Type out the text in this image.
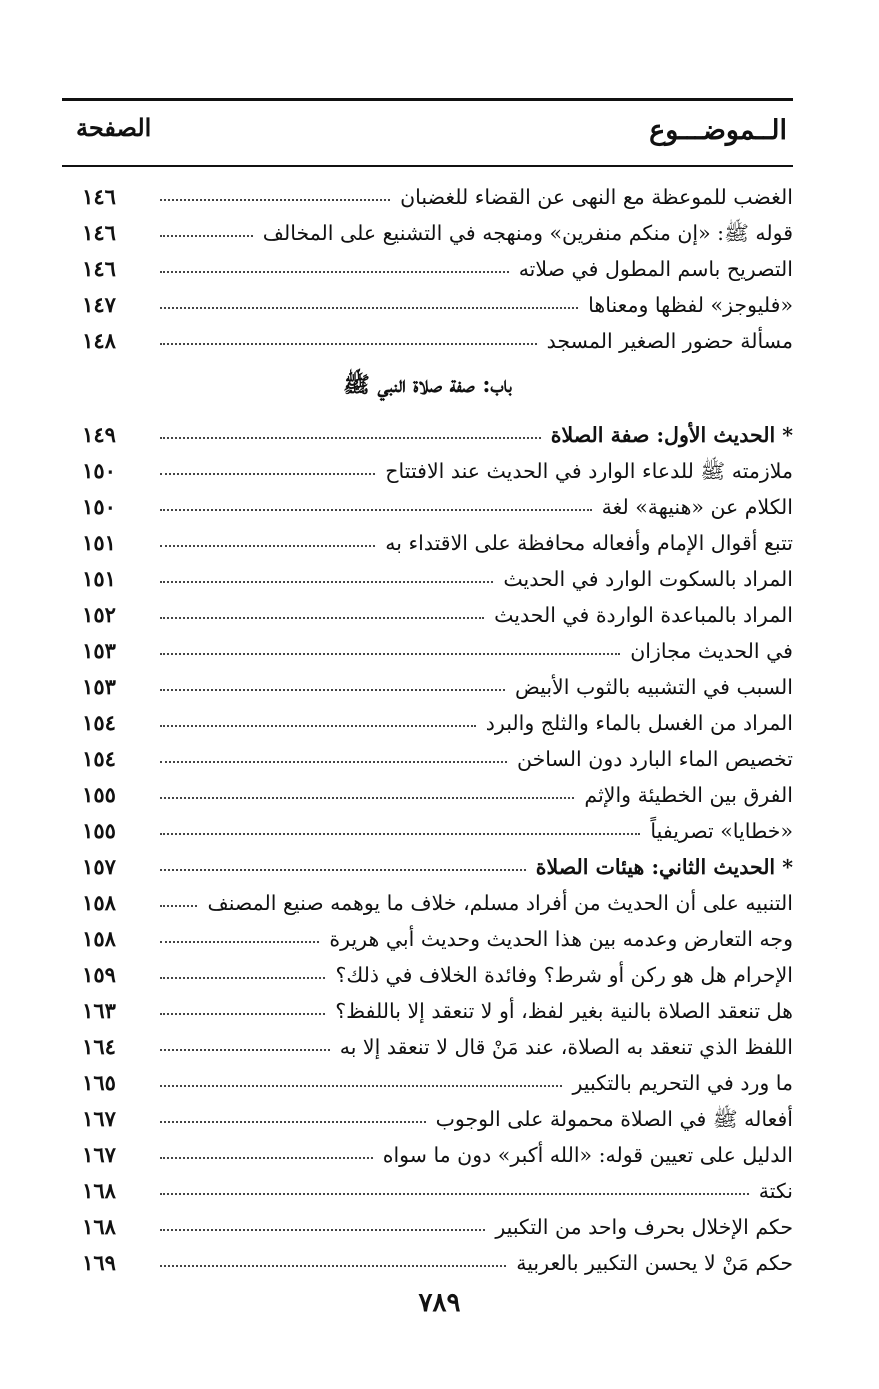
الــموضـــوع
الصفحة
الغضب للموعظة مع النهى عن القضاء للغضبان
١٤٦
قوله ﷺ: «إن منكم منفرين» ومنهجه في التشنيع على المخالف
١٤٦
التصريح باسم المطول في صلاته
١٤٦
«فليوجز» لفظها ومعناها
١٤٧
مسألة حضور الصغير المسجد
١٤٨
باب: صفة صلاة النبي ﷺ
* الحديث الأول: صفة الصلاة
١٤٩
ملازمته ﷺ للدعاء الوارد في الحديث عند الافتتاح
١٥٠
الكلام عن «هنيهة» لغة
١٥٠
تتبع أقوال الإمام وأفعاله محافظة على الاقتداء به
١٥١
المراد بالسكوت الوارد في الحديث
١٥١
المراد بالمباعدة الواردة في الحديث
١٥٢
في الحديث مجازان
١٥٣
السبب في التشبيه بالثوب الأبيض
١٥٣
المراد من الغسل بالماء والثلج والبرد
١٥٤
تخصيص الماء البارد دون الساخن
١٥٤
الفرق بين الخطيئة والإثم
١٥٥
«خطايا» تصريفياً
١٥٥
* الحديث الثاني: هيئات الصلاة
١٥٧
التنبيه على أن الحديث من أفراد مسلم، خلاف ما يوهمه صنيع المصنف
١٥٨
وجه التعارض وعدمه بين هذا الحديث وحديث أبي هريرة
١٥٨
الإحرام هل هو ركن أو شرط؟ وفائدة الخلاف في ذلك؟
١٥٩
هل تنعقد الصلاة بالنية بغير لفظ، أو لا تنعقد إلا باللفظ؟
١٦٣
اللفظ الذي تنعقد به الصلاة، عند مَنْ قال لا تنعقد إلا به
١٦٤
ما ورد في التحريم بالتكبير
١٦٥
أفعاله ﷺ في الصلاة محمولة على الوجوب
١٦٧
الدليل على تعيين قوله: «الله أكبر» دون ما سواه
١٦٧
نكتة
١٦٨
حكم الإخلال بحرف واحد من التكبير
١٦٨
حكم مَنْ لا يحسن التكبير بالعربية
١٦٩
٧٨٩
